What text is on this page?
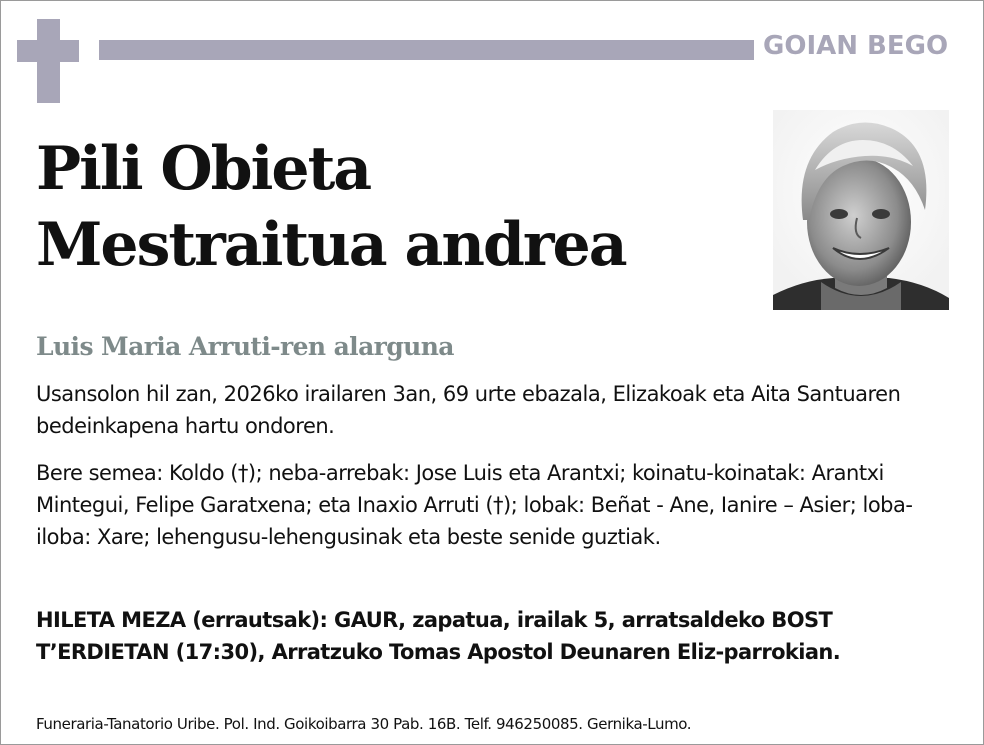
GOIAN BEGO
Pili Obieta
Mestraitua andrea
Luis Maria Arruti-ren alarguna
Usansolon hil zan, 2026ko irailaren 3an, 69 urte ebazala, Elizakoak eta Aita Santuaren bedeinkapena hartu ondoren.
Bere semea: Koldo (†); neba-arrebak: Jose Luis eta Arantxi; koinatu-koinatak: Arantxi Mintegui, Felipe Garatxena; eta Inaxio Arruti (†); lobak: Beñat - Ane, Ianire – Asier; loba-iloba: Xare; lehengusu-lehengusinak eta beste senide guztiak.
HILETA MEZA (errautsak): GAUR, zapatua, irailak 5, arratsaldeko BOST T’ERDIETAN (17:30), Arratzuko Tomas Apostol Deunaren Eliz-parrokian.
Funeraria-Tanatorio Uribe. Pol. Ind. Goikoibarra 30 Pab. 16B. Telf. 946250085. Gernika-Lumo.
